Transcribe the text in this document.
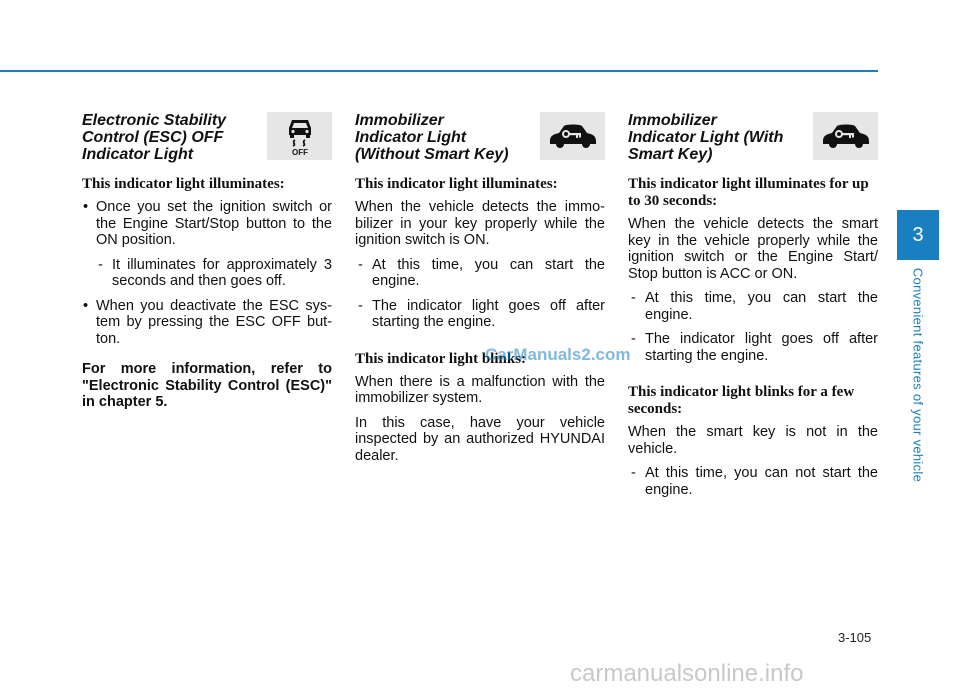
Electronic Stability Control (ESC) OFF Indicator Light	OFF

This indicator light illuminates:

• Once you set the ignition switch or the Engine Start/Stop button to the ON position.

- It illuminates for approximately 3 seconds and then goes off.

• When you deactivate the ESC sys-tem by pressing the ESC OFF but-ton.

For more information, refer to "Electronic Stability Control (ESC)" in chapter 5.

Immobilizer Indicator Light (Without Smart Key)

This indicator light illuminates:

When the vehicle detects the immo-bilizer in your key properly while the ignition switch is ON.

- At this time, you can start the engine.

- The indicator light goes off after starting the engine.

This indicator light blinks:

When there is a malfunction with the immobilizer system.

In this case, have your vehicle inspected by an authorized HYUNDAI dealer.

Immobilizer Indicator Light (With Smart Key)

This indicator light illuminates for up to 30 seconds:

When the vehicle detects the smart key in the vehicle properly while the ignition switch or the Engine Start/ Stop button is ACC or ON.

- At this time, you can start the engine.

- The indicator light goes off after starting the engine.

This indicator light blinks for a few seconds:

When the smart key is not in the vehicle.

- At this time, you can not start the engine.

3
Convenient features of your vehicle
CarManuals2.com
3-105
carmanualsonline.info
